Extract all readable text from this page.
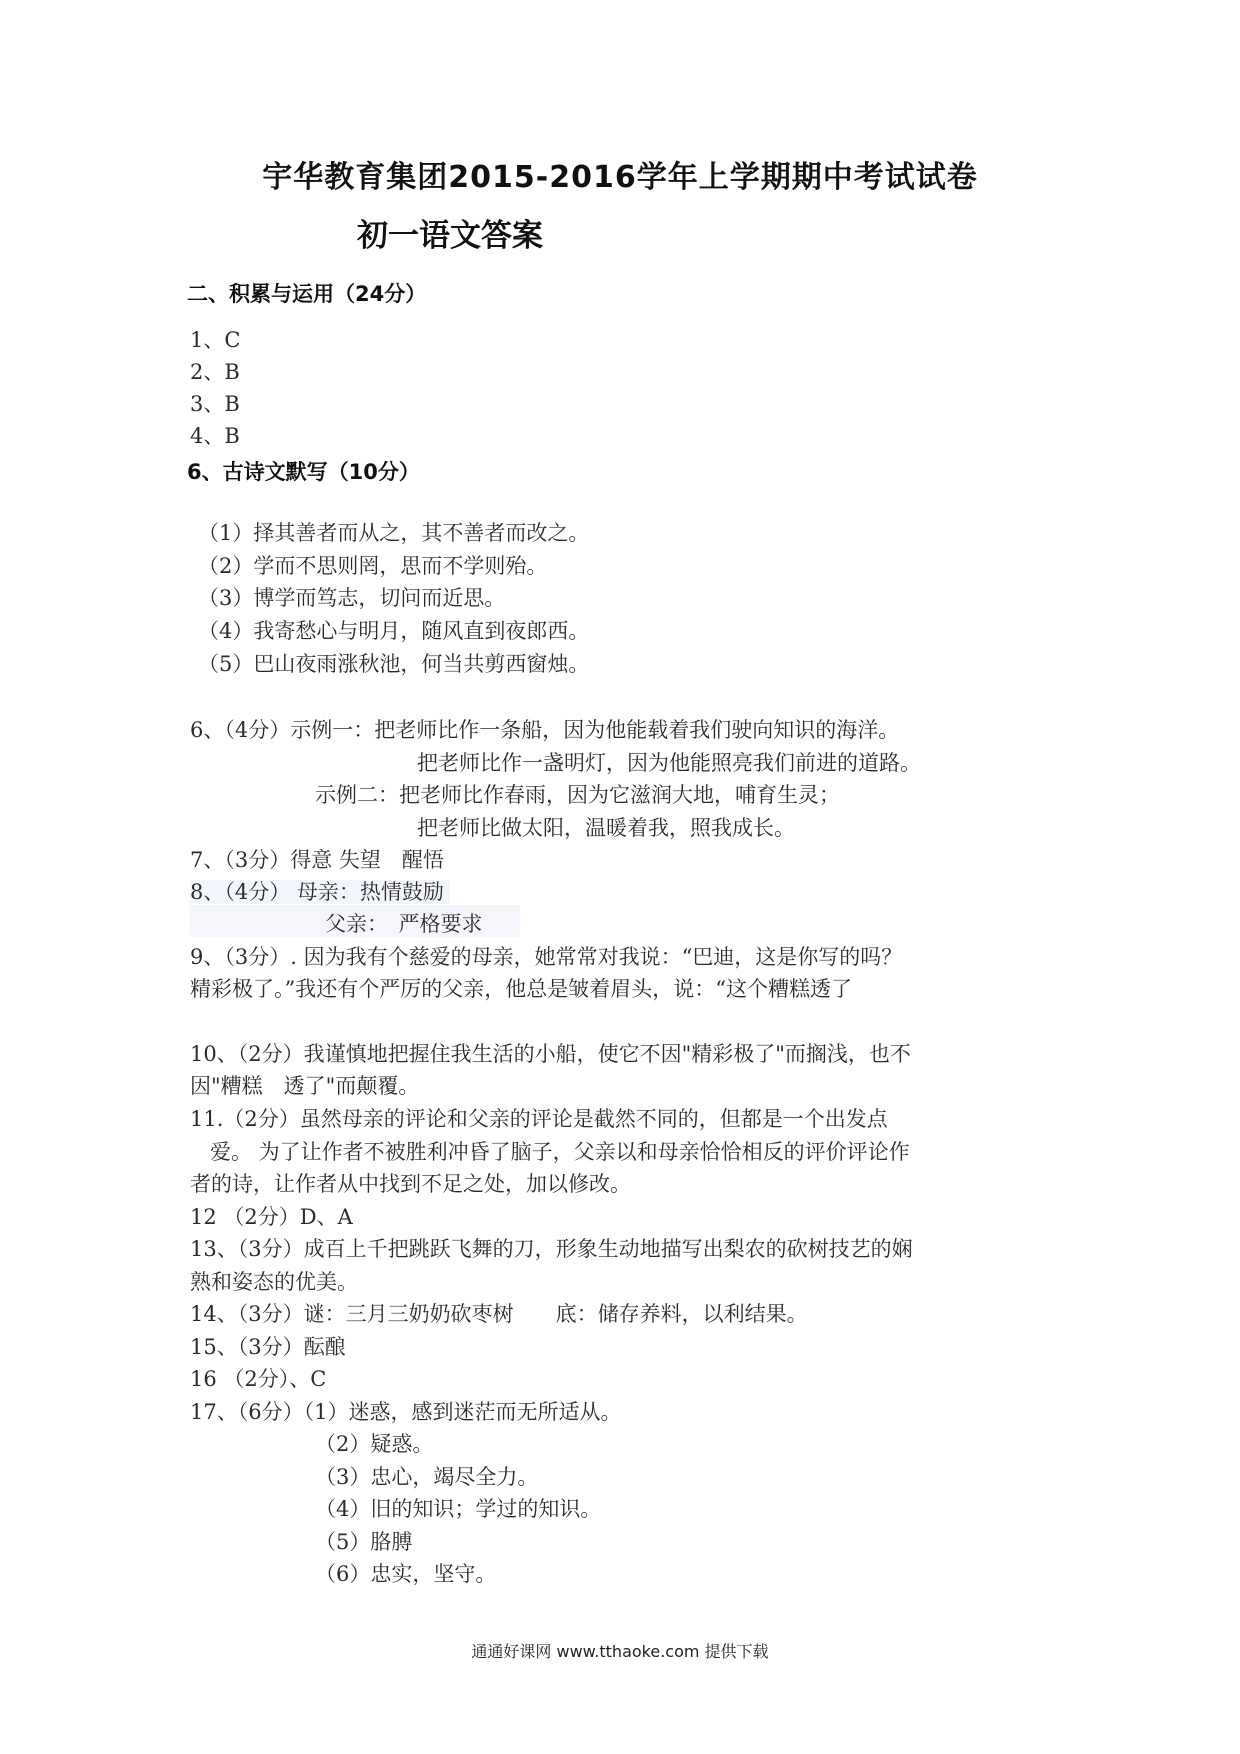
宇华教育集团2015-2016学年上学期期中考试试卷
初一语文答案
二、积累与运用（24分）
1、C
2、B
3、B
4、B
6、古诗文默写（10分）
（1）择其善者而从之，其不善者而改之。
（2）学而不思则罔，思而不学则殆。
（3）博学而笃志，切问而近思。
（4）我寄愁心与明月，随风直到夜郎西。
（5）巴山夜雨涨秋池，何当共剪西窗烛。
6、（4分）示例一：把老师比作一条船，因为他能载着我们驶向知识的海洋。
把老师比作一盏明灯，因为他能照亮我们前进的道路。
示例二：把老师比作春雨，因为它滋润大地，哺育生灵；
把老师比做太阳，温暖着我，照我成长。
7、（3分）得意 失望　醒悟
8、（4分） 母亲：热情鼓励
父亲：　严格要求
9、（3分）. 因为我有个慈爱的母亲，她常常对我说：“巴迪，这是你写的吗？
精彩极了。”我还有个严厉的父亲，他总是皱着眉头，说：“这个糟糕透了
10、（2分）我谨慎地把握住我生活的小船，使它不因"精彩极了"而搁浅，也不
因"糟糕　透了"而颠覆。
11.（2分）虽然母亲的评论和父亲的评论是截然不同的，但都是一个出发点
爱。 为了让作者不被胜利冲昏了脑子，父亲以和母亲恰恰相反的评价评论作
者的诗，让作者从中找到不足之处，加以修改。
12 （2分）D、A
13、（3分）成百上千把跳跃飞舞的刀，形象生动地描写出梨农的砍树技艺的娴
熟和姿态的优美。
14、（3分）谜：三月三奶奶砍枣树　　底：储存养料，以利结果。
15、（3分）酝酿
16 （2分）、C
17、（6分）（1）迷惑，感到迷茫而无所适从。
（2）疑惑。
（3）忠心，竭尽全力。
（4）旧的知识；学过的知识。
（5）胳膊
（6）忠实，坚守。
通通好课网 www.tthaoke.com 提供下载
